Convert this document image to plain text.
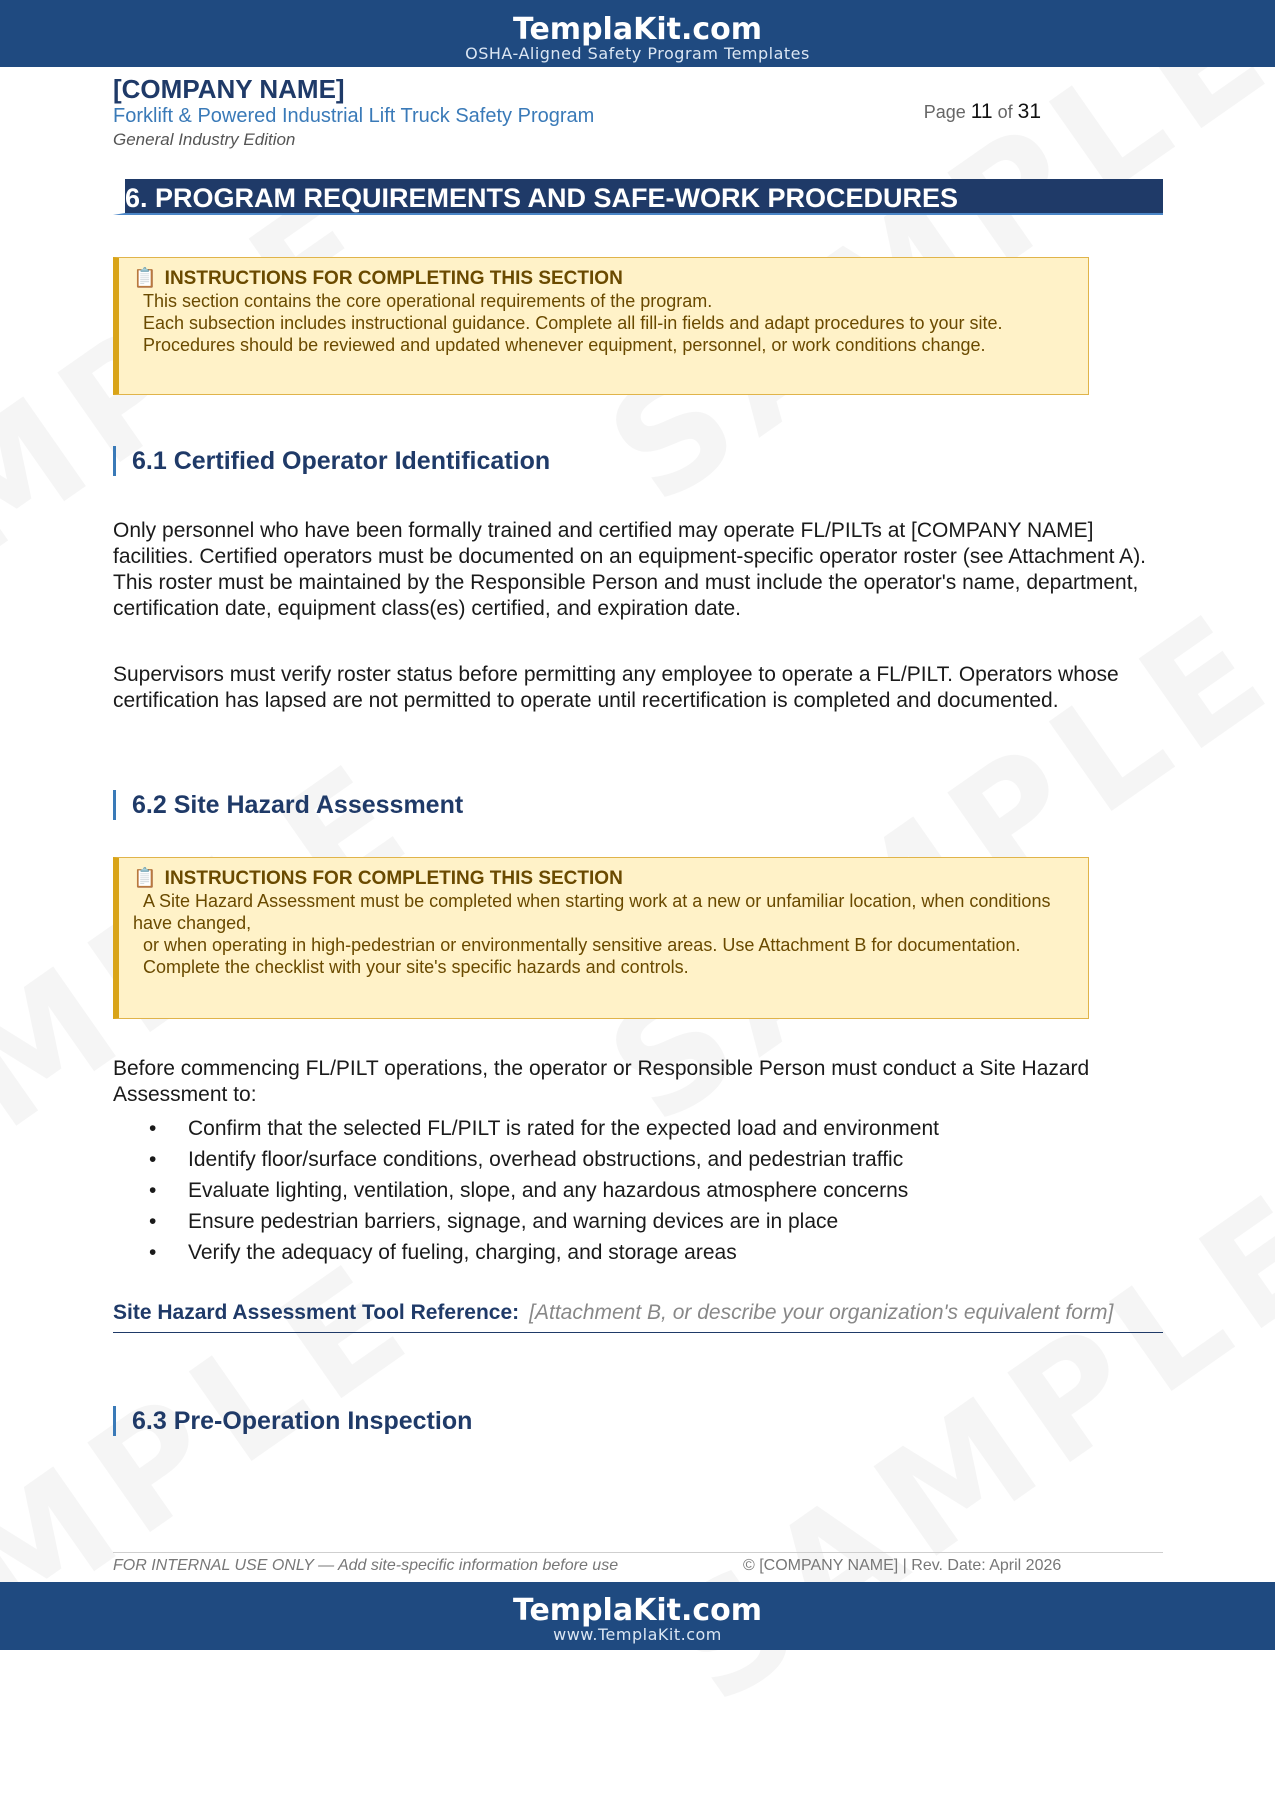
TemplaKit.com
OSHA-Aligned Safety Program Templates
[COMPANY NAME]
Forklift & Powered Industrial Lift Truck Safety Program
General Industry Edition
Page 11 of 31
6. PROGRAM REQUIREMENTS AND SAFE-WORK PROCEDURES
📋 INSTRUCTIONS FOR COMPLETING THIS SECTION
This section contains the core operational requirements of the program.
Each subsection includes instructional guidance. Complete all fill-in fields and adapt procedures to your site.
Procedures should be reviewed and updated whenever equipment, personnel, or work conditions change.
6.1 Certified Operator Identification
Only personnel who have been formally trained and certified may operate FL/PILTs at [COMPANY NAME] facilities. Certified operators must be documented on an equipment-specific operator roster (see Attachment A). This roster must be maintained by the Responsible Person and must include the operator's name, department, certification date, equipment class(es) certified, and expiration date.
Supervisors must verify roster status before permitting any employee to operate a FL/PILT. Operators whose certification has lapsed are not permitted to operate until recertification is completed and documented.
6.2 Site Hazard Assessment
📋 INSTRUCTIONS FOR COMPLETING THIS SECTION
A Site Hazard Assessment must be completed when starting work at a new or unfamiliar location, when conditions have changed,
or when operating in high-pedestrian or environmentally sensitive areas. Use Attachment B for documentation.
Complete the checklist with your site's specific hazards and controls.
Before commencing FL/PILT operations, the operator or Responsible Person must conduct a Site Hazard Assessment to:
• Confirm that the selected FL/PILT is rated for the expected load and environment
• Identify floor/surface conditions, overhead obstructions, and pedestrian traffic
• Evaluate lighting, ventilation, slope, and any hazardous atmosphere concerns
• Ensure pedestrian barriers, signage, and warning devices are in place
• Verify the adequacy of fueling, charging, and storage areas
Site Hazard Assessment Tool Reference: [Attachment B, or describe your organization's equivalent form]
6.3 Pre-Operation Inspection
FOR INTERNAL USE ONLY — Add site-specific information before use	© [COMPANY NAME] | Rev. Date: April 2026
TemplaKit.com
www.TemplaKit.com
